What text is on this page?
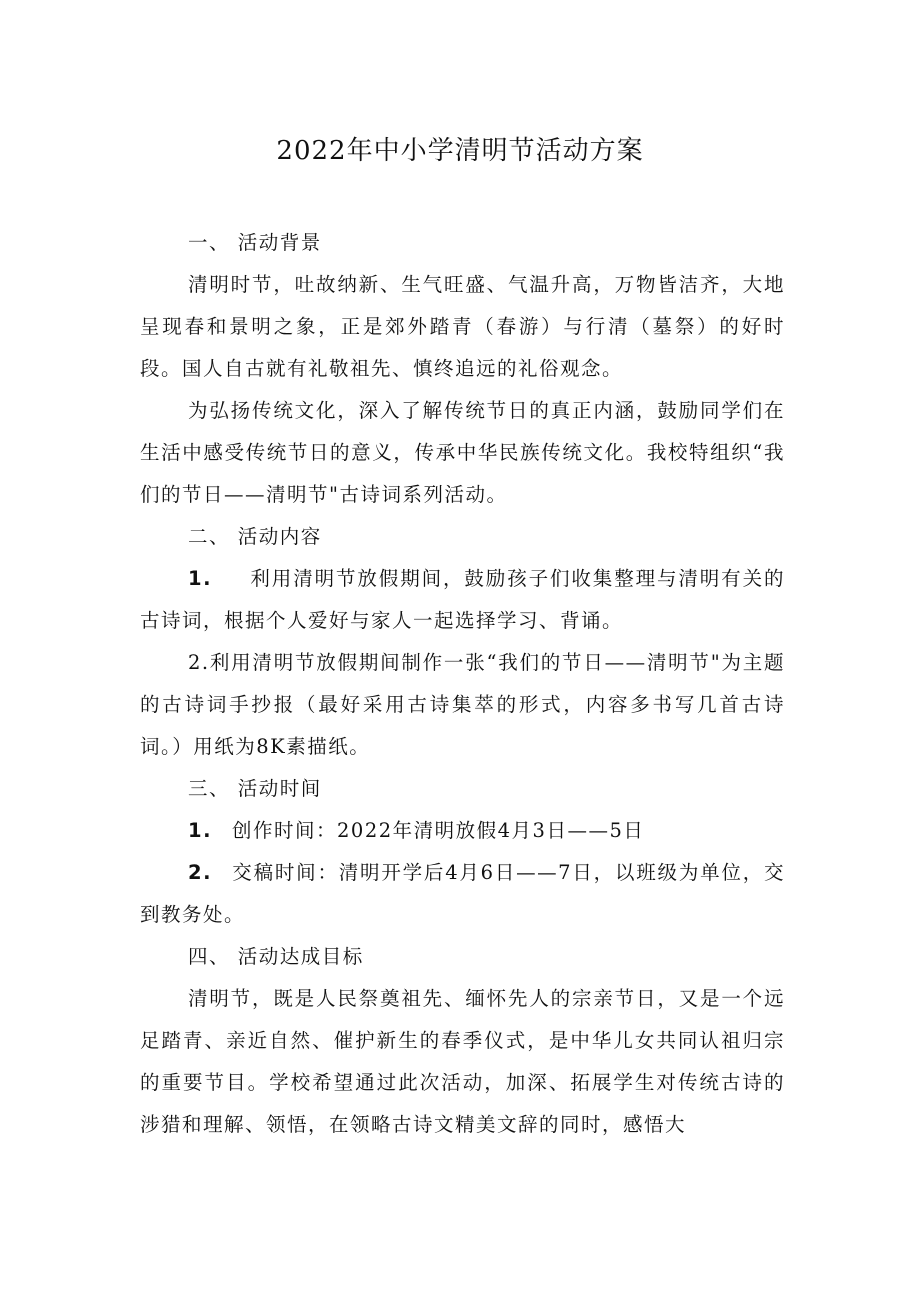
2022年中小学清明节活动方案

一、 活动背景

清明时节，吐故纳新、生气旺盛、气温升高，万物皆洁齐，大地呈现春和景明之象，正是郊外踏青（春游）与行清（墓祭）的好时段。国人自古就有礼敬祖先、慎终追远的礼俗观念。

为弘扬传统文化，深入了解传统节日的真正内涵，鼓励同学们在生活中感受传统节日的意义，传承中华民族传统文化。我校特组织“我们的节日——清明节"古诗词系列活动。

二、 活动内容

1. 利用清明节放假期间，鼓励孩子们收集整理与清明有关的古诗词，根据个人爱好与家人一起选择学习、背诵。

2.利用清明节放假期间制作一张“我们的节日——清明节"为主题的古诗词手抄报（最好采用古诗集萃的形式，内容多书写几首古诗词。）用纸为8K素描纸。

三、 活动时间

1. 创作时间：2022年清明放假4月3日——5日

2. 交稿时间：清明开学后4月6日——7日，以班级为单位，交到教务处。

四、 活动达成目标

清明节，既是人民祭奠祖先、缅怀先人的宗亲节日，又是一个远足踏青、亲近自然、催护新生的春季仪式，是中华儿女共同认祖归宗的重要节目。学校希望通过此次活动，加深、拓展学生对传统古诗的涉猎和理解、领悟，在领略古诗文精美文辞的同时，感悟大
